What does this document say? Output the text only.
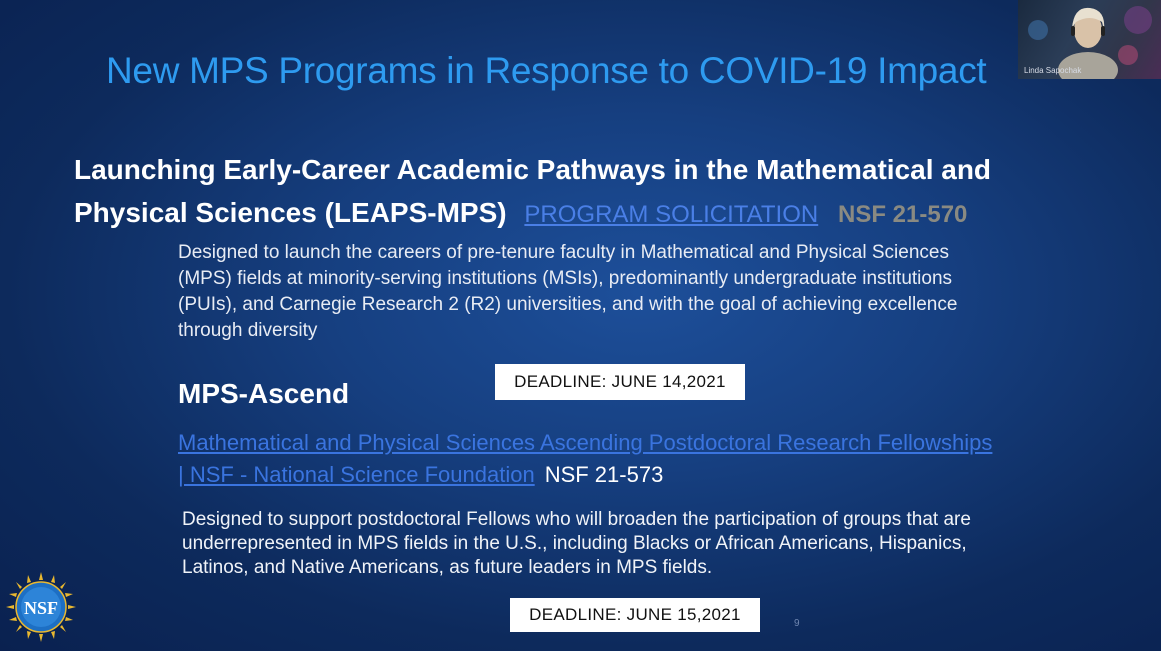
New MPS Programs in Response to COVID-19 Impact
Launching Early-Career Academic Pathways in the Mathematical and
Physical Sciences (LEAPS-MPS) PROGRAM SOLICITATION NSF 21-570
Designed to launch the careers of pre-tenure faculty in Mathematical and Physical Sciences (MPS) fields at minority-serving institutions (MSIs), predominantly undergraduate institutions (PUIs), and Carnegie Research 2 (R2) universities, and with the goal of achieving excellence through diversity
DEADLINE: JUNE 14,2021
MPS-Ascend
Mathematical and Physical Sciences Ascending Postdoctoral Research Fellowships | NSF - National Science Foundation NSF 21-573
Designed to support postdoctoral Fellows who will broaden the participation of groups that are underrepresented in MPS fields in the U.S., including Blacks or African Americans, Hispanics, Latinos, and Native Americans, as future leaders in MPS fields.
DEADLINE: JUNE 15,2021	9
NSF
Linda Sapochak
